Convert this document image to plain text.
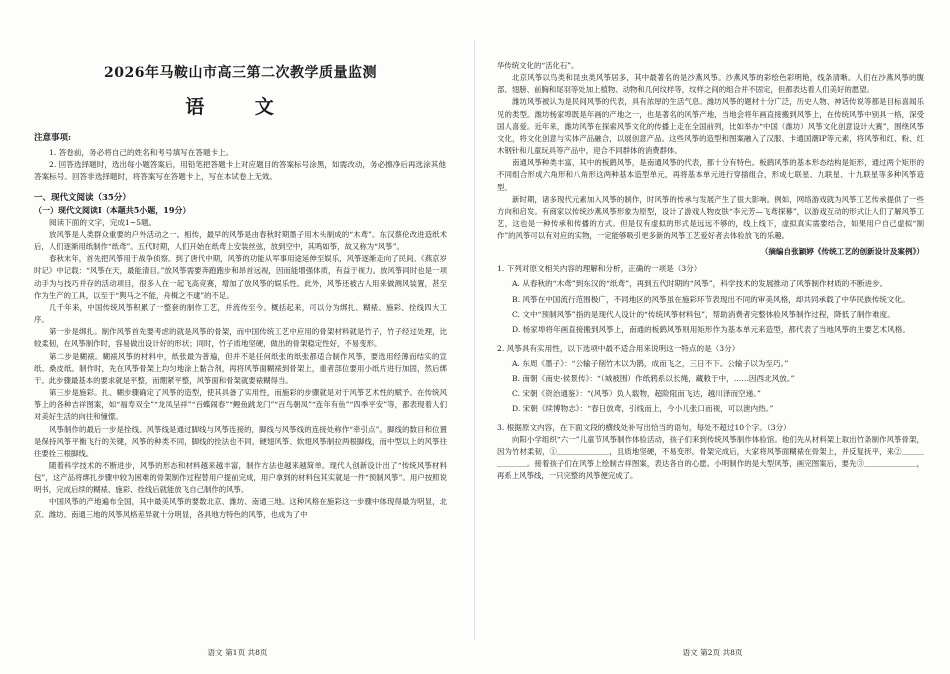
2026年马鞍山市高三第二次教学质量监测
语 文

注意事项:

1. 答卷前，务必将自己的姓名和考号填写在答题卡上。

2. 回答选择题时，选出每小题答案后，用铅笔把答题卡上对应题目的答案标号涂黑，如需改动，务必擦净后再选涂其他答案标号。回答非选择题时，将答案写在答题卡上，写在本试卷上无效。

一、现代文阅读（35分）

（一）现代文阅读Ⅰ（本题共5小题，19分）

阅读下面的文字，完成1~5题。

放风筝是人类群众重要的户外活动之一。相传，最早的风筝是由春秋时期墨子用木头制成的“木鸢”。东汉蔡伦改进造纸术后，人们逐渐用纸制作“纸鸢”。五代时期，人们开始在纸鸢上安装丝弦，放到空中，其鸣如筝，故又称为“风筝”。

春秋末年，首先把风筝用于战争侦察。到了唐代中期，风筝的功能从军事用途延伸至娱乐，风筝逐渐走向了民间。《燕京岁时记》中记载：“风筝在天，最能清目。”放风筝需要奔跑跑步和昂首远视，因而能增强体质，有益于视力。放风筝同时也是一项动手为与技巧并存的活动项目，很多人在一起飞高竞赛，增加了放风筝的娱乐性。此外，风筝还被古人用来做测风装置，甚至作为生产的工具，以至于“舆马之不能，舟楫之不逮”的不足。

几千年来，中国传统风筝积累了一整套的制作工艺，并流传至今。概括起来，可以分为绑扎、糊裱、施彩、拴线四大工序。

第一步是绑扎。制作风筝首先要考虑的就是风筝的骨架，而中国传统工艺中应用的骨架材料就是竹子，竹子经过处理，比较柔韧，在风筝制作时，容易做出设计好的形状；同时，竹子质地坚硬，做出的骨架稳定性好，不易变形。

第二步是糊裱。糊裱风筝的材料中，纸张最为普遍，但并不是任何纸张的纸张都适合制作风筝，要选用经薄而结实的宣纸、桑皮纸。制作时，先在风筝骨架上均匀地涂上黏合剂，再将风筝面糊裱到骨架上，重者部位要用小纸片进行加固，然后绑干。此步骤最基本的要求就是平整，而绷紧平整，风筝面和骨架就要裱糊得当。

第三步是施彩。扎、糊步骤确定了风筝的造型，使其具备了实用性，而施彩的步骤就是对于风筝艺术性的赋予。在传统风筝上的各种吉祥图案，如“福寿双全”“龙凤呈祥”“百蝶闹春”“鲤鱼跳龙门”“百鸟朝凤”“连年有鱼”“四季平安”等，都表现着人们对美好生活的向往和憧憬。

风筝制作的最后一步是拴线。风筝线是通过脚线与风筝连接的，脚线与风筝线的连接处称作“牵引点”。脚线的数目和位置是保持风筝平衡飞行的关键，风筝的种类不同，脚线的拴法也不同，硬翅风筝、软翅风筝制拉两根脚线，而中型以上的风筝往往要拴三根脚线。

随着科学技术的不断进步，风筝的形态和材料越来越丰富，制作方法也越来越简单。现代人创新设计出了“传统风筝材料包”，这产品将绑扎步骤中较为困难的骨架制作过程替用户提前完成，用户拿到的材料包其实就是一件“预制风筝”。用户按照说明书，完成后续的糊裱、施彩、拴线后就能放飞自己制作的风筝。

中国风筝的产地遍布全国，其中最美风筝的要数北京、潍坊、南通三地。这种风格在施彩这一步骤中体现得最为明显，北京、潍坊、南通三地的风筝风格差异就十分明显，各具地方特色的风筝，也成为了中

语文 第1页 共8页

华传统文化的“活化石”。

北京风筝以鸟类和昆虫类风筝居多，其中最著名的是沙燕风筝。沙燕风筝的彩绘色彩明艳，线条清晰。人们在沙燕风筝的腹部、翅膀、前胸和尾羽等处加上植物、动物和几何纹样等，纹样之间的组合并不固定，但都表达着人们美好的愿望。

潍坊风筝被认为是民间风筝的代表，具有浓厚的生活气息。潍坊风筝的题材十分广泛，历史人物、神话传说等都是目标喜闻乐见的类型。潍坊杨家埠既是年画的产地之一，也是著名的风筝产地，当地会将年画直接搬到风筝上，在传统风筝中别具一格，深受国人喜爱。近年来，潍坊风筝在探索风筝文化的传播上走在全国前列，比如举办“中国（潍坊）风筝文化创意设计大赛”，围绕风筝文化，将文化创意与实体产品融合，以展创意产品。这些风筝的造型和图案融入了汉服、卡通国潮IP等元素，将风筝和红、粉、红木钢针和儿童玩具等产品中，迎合不同群体的消费群体。

南通风筝种类丰富，其中的板鹞风筝，是南通风筝的代表，都十分有特色。板鹞风筝的基本形态结构是矩形，通过两个矩形的不同组合形成六角形和八角形这两种基本造型单元，再将基本单元进行穿插组合，形成七联星、九联星、十九联星等多种风筝造型。

新时期，诸多现代元素加入风筝的制作，时风筝的传承与发展产生了很大影响。例如，网络游戏就为风筝工艺传承提供了一些方向和启发。有商家以传统沙燕风筝形象为原型，设计了游戏人物皮肤“李元芳—飞鸢探幕”，以游戏互动的形式让人们了解风筝工艺，这也是一种传承和传播的方式。但是仅有虚拟的形式是远远不够的，线上线下，虚拟真实需要结合，如果用户自己虚拟“制作”的风筝可以有对应的实物，一定能够吸引更多新的风筝工艺爱好者去体验放飞的乐趣。

（摘编自张颖婷《传统工艺的创新设计及案例》）

1. 下列对原文相关内容的理解和分析，正确的一项是（3分）

A. 从春秋的“木鸢”到东汉的“纸鸢”，再到五代时期的“风筝”，科学技术的发展推动了风筝制作材质的不断进步。

B. 风筝在中国流行范围极广，不同地区的风筝虽在施彩环节表现出不同的审美风格，却共同承载了中华民族传统文化。

C. 文中“预制风筝”指的是现代人设计的“传统风筝材料包”，帮助消费者完整体验风筝制作过程，降低了制作难度。

D. 杨家埠将年画直接搬到风筝上，南通的板鹞风筝则用矩形作为基本单元来造型，都代表了当地风筝的主要艺术风格。

2. 风筝具有实用性，以下选项中最不适合用来说明这一特点的是（3分）

A. 东周《墨子》：“公输子削竹木以为鹊，成而飞之，三日不下。公输子以为至巧。”

B. 南朝《南史·侯景传》：“（城被围）作纸鸦系以长绳，藏敕于中，……因西北风放。”

C. 宋朝《资治通鉴》：“(风筝）负人载物，超险阻而飞达，越川泽而空递。”

D. 宋朝《续博物志》：“春日放鸢，引线而上，今小儿张口而视，可以泄内热。”

3. 根据原文内容，在下面文段的横线处补写出恰当的语句，每处不超过10个字。（3分）

向阳小学组织“六一”儿童节风筝制作体验活动，孩子们来到传统风筝制作体验馆。他们先从材料架上取出竹条制作风筝骨架，因为竹材柔韧，①＿＿＿＿＿＿＿，且质地坚硬，不易变形。骨架完成后，大家将风筝面糊裱在骨架上，并反复抚平，来②＿＿＿＿＿＿＿。接着孩子们在风筝上绘制吉祥图案，表达各自的心愿。小明制作的是大型风筝，画完图案后，要先③＿＿＿＿＿＿＿，再系上风筝线，一只完整的风筝便完成了。

语文 第2页 共8页
